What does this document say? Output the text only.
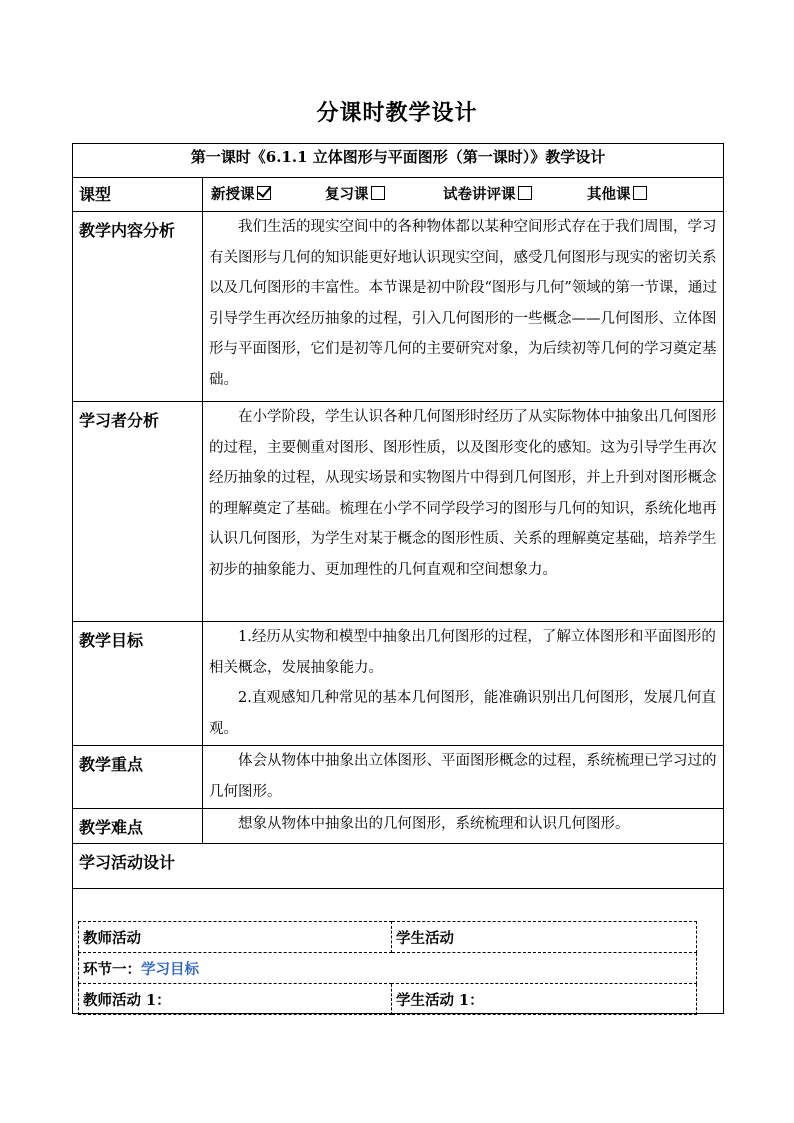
分课时教学设计
第一课时《6.1.1 立体图形与平面图形（第一课时）》教学设计	
课型	新授课 复习课 试卷讲评课 其他课

教学内容分析	我们生活的现实空间中的各种物体都以某种空间形式存在于我们周围，学习有关图形与几何的知识能更好地认识现实空间，感受几何图形与现实的密切关系以及几何图形的丰富性。本节课是初中阶段“图形与几何”领域的第一节课，通过引导学生再次经历抽象的过程，引入几何图形的一些概念——几何图形、立体图形与平面图形，它们是初等几何的主要研究对象，为后续初等几何的学习奠定基础。

学习者分析	在小学阶段，学生认识各种几何图形时经历了从实际物体中抽象出几何图形的过程，主要侧重对图形、图形性质，以及图形变化的感知。这为引导学生再次经历抽象的过程，从现实场景和实物图片中得到几何图形，并上升到对图形概念的理解奠定了基础。梳理在小学不同学段学习的图形与几何的知识，系统化地再认识几何图形，为学生对某于概念的图形性质、关系的理解奠定基础，培养学生初步的抽象能力、更加理性的几何直观和空间想象力。

教学目标	1.经历从实物和模型中抽象出几何图形的过程，了解立体图形和平面图形的相关概念，发展抽象能力。

2.直观感知几种常见的基本几何图形，能准确识别出几何图形，发展几何直观。

教学重点	体会从物体中抽象出立体图形、平面图形概念的过程，系统梳理已学习过的几何图形。

教学难点	想象从物体中抽象出的几何图形，系统梳理和认识几何图形。

学习活动设计	

教师活动	学生活动
环节一：学习目标	
教师活动 1：	学生活动 1：
